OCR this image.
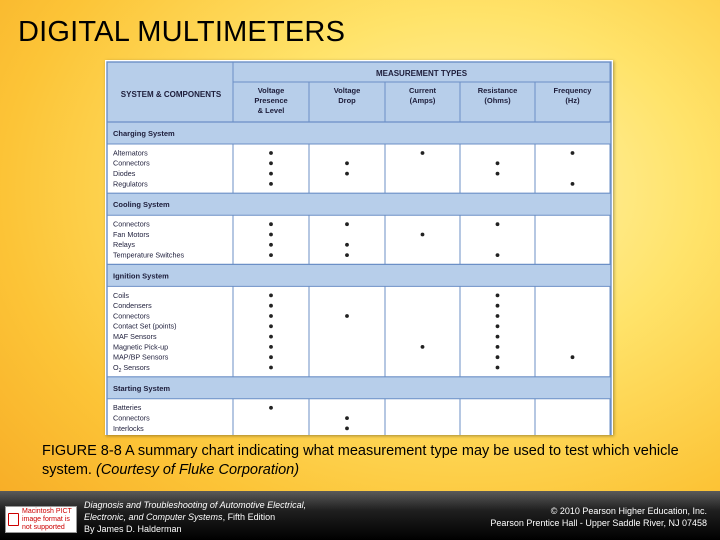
DIGITAL MULTIMETERS
SYSTEM & COMPONENTS
MEASUREMENT TYPES
Voltage
Presence
& Level
Voltage
Drop
Current
(Amps)
Resistance
(Ohms)
Frequency
(Hz)
Charging System
Alternators
Connectors
Diodes
Regulators
Cooling System
Connectors
Fan Motors
Relays
Temperature Switches
Ignition System
Coils
Condensers
Connectors
Contact Set (points)
MAF Sensors
Magnetic Pick-up
MAP/BP Sensors
$O_2$ Sensors
Starting System
Batteries
Connectors
Interlocks
FIGURE 8-8 A summary chart indicating what measurement type may be used to test which vehicle system. (Courtesy of Fluke Corporation)
Macintosh PICT image format is not supported
Diagnosis and Troubleshooting of Automotive Electrical,
Electronic, and Computer Systems, Fifth Edition
By James D. Halderman
© 2010 Pearson Higher Education, Inc.
Pearson Prentice Hall - Upper Saddle River, NJ 07458
